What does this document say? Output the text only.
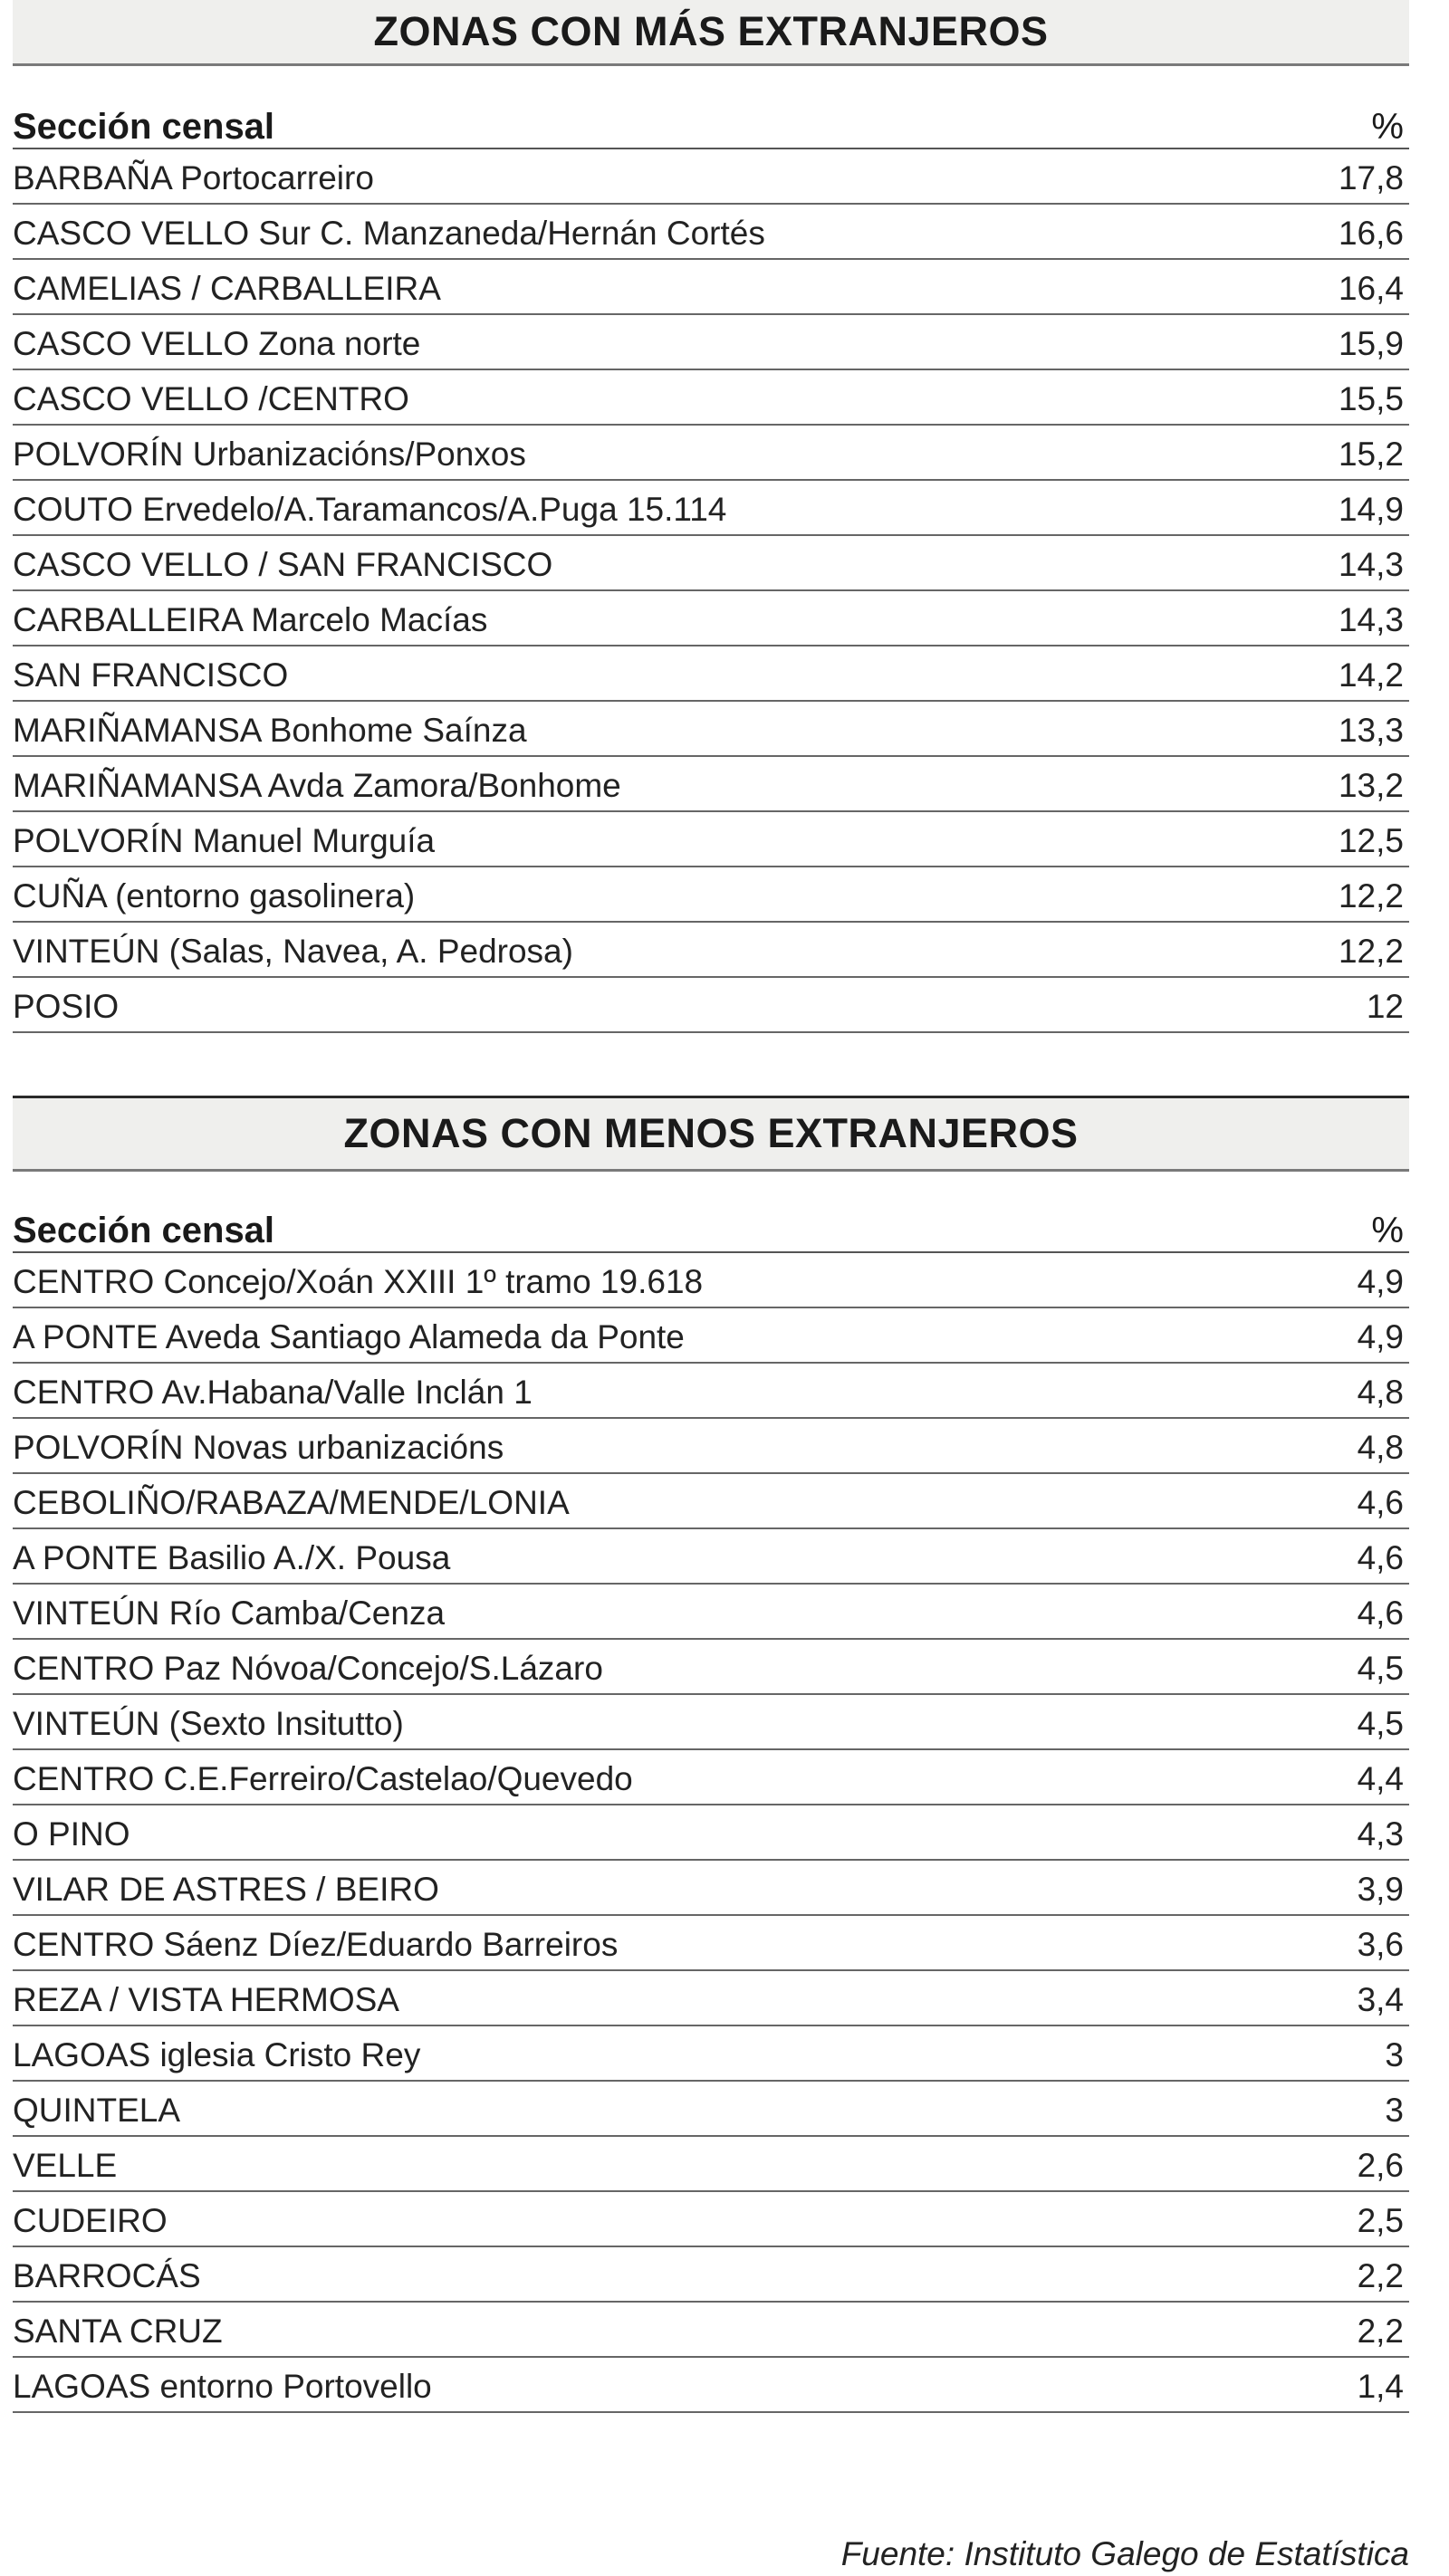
ZONAS CON MÁS EXTRANJEROS
Sección censal	%
BARBAÑA Portocarreiro	17,8
CASCO VELLO Sur C. Manzaneda/Hernán Cortés	16,6
CAMELIAS / CARBALLEIRA	16,4
CASCO VELLO Zona norte	15,9
CASCO VELLO /CENTRO	15,5
POLVORÍN Urbanizacións/Ponxos	15,2
COUTO Ervedelo/A.Taramancos/A.Puga 15.114	14,9
CASCO VELLO / SAN FRANCISCO	14,3
CARBALLEIRA Marcelo Macías	14,3
SAN FRANCISCO	14,2
MARIÑAMANSA Bonhome Saínza	13,3
MARIÑAMANSA Avda Zamora/Bonhome	13,2
POLVORÍN Manuel Murguía	12,5
CUÑA (entorno gasolinera)	12,2
VINTEÚN (Salas, Navea, A. Pedrosa)	12,2
POSIO	12
ZONAS CON MENOS EXTRANJEROS
Sección censal	%
CENTRO Concejo/Xoán XXIII 1º tramo 19.618	4,9
A PONTE Aveda Santiago Alameda da Ponte	4,9
CENTRO Av.Habana/Valle Inclán 1	4,8
POLVORÍN Novas urbanizacións	4,8
CEBOLIÑO/RABAZA/MENDE/LONIA	4,6
A PONTE Basilio A./X. Pousa	4,6
VINTEÚN Río Camba/Cenza	4,6
CENTRO Paz Nóvoa/Concejo/S.Lázaro	4,5
VINTEÚN (Sexto Insitutto)	4,5
CENTRO C.E.Ferreiro/Castelao/Quevedo	4,4
O PINO	4,3
VILAR DE ASTRES / BEIRO	3,9
CENTRO Sáenz Díez/Eduardo Barreiros	3,6
REZA / VISTA HERMOSA	3,4
LAGOAS iglesia Cristo Rey	3
QUINTELA	3
VELLE	2,6
CUDEIRO	2,5
BARROCÁS	2,2
SANTA CRUZ	2,2
LAGOAS entorno Portovello	1,4
Fuente: Instituto Galego de Estatística
